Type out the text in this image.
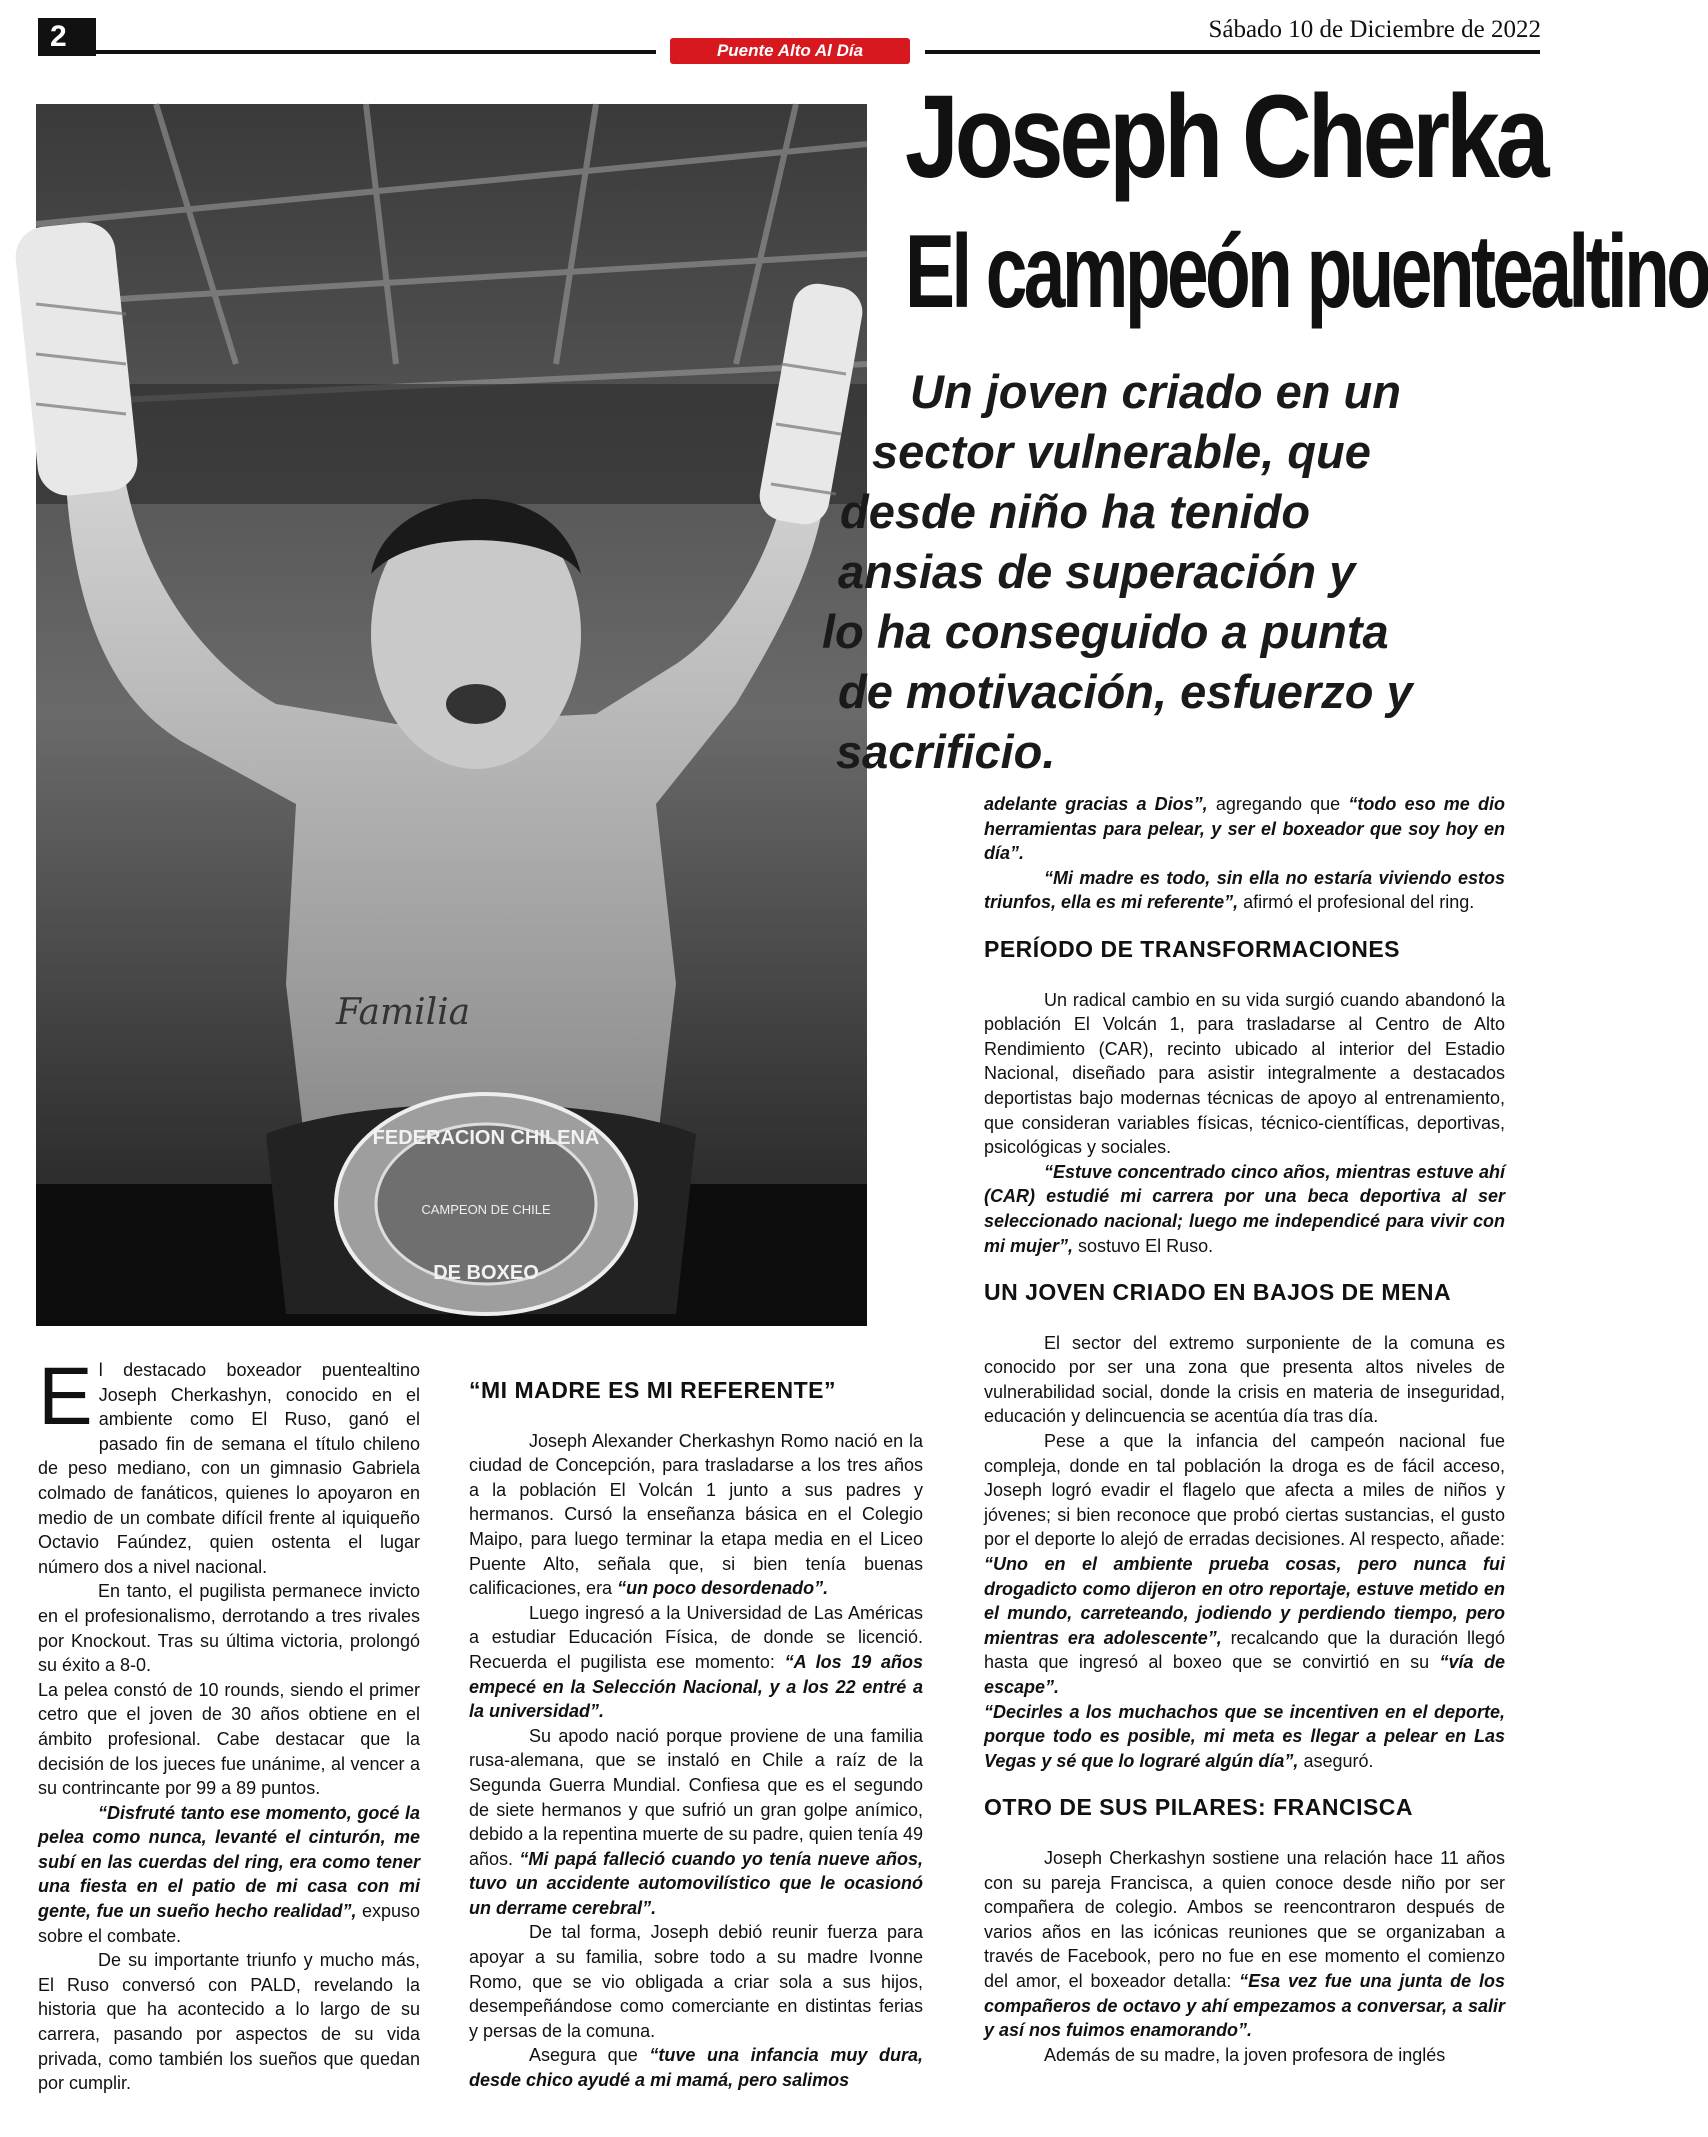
2	Puente Alto Al Día
Sábado 10 de Diciembre de 2022
FEDERACION CHILENA
CAMPEON DE CHILE
DE BOXEO
Familia
Joseph Cherka
El campeón puentealtino
Un joven criado en un
sector vulnerable, que
desde niño ha tenido
ansias de superación y
lo ha conseguido a punta
de motivación, esfuerzo y
sacrificio.

El destacado boxeador puentealtino Joseph Cherkashyn, conocido en el ambiente como El Ruso, ganó el pasado fin de semana el título chileno de peso mediano, con un gimnasio Gabriela colmado de fanáticos, quienes lo apoyaron en medio de un combate difícil frente al iquiqueño Octavio Faúndez, quien ostenta el lugar número dos a nivel nacional.

En tanto, el pugilista permanece invicto en el profesionalismo, derrotando a tres rivales por Knockout. Tras su última victoria, prolongó su éxito a 8-0.

La pelea constó de 10 rounds, siendo el primer cetro que el joven de 30 años obtiene en el ámbito profesional. Cabe destacar que la decisión de los jueces fue unánime, al vencer a su contrincante por 99 a 89 puntos.

“Disfruté tanto ese momento, gocé la pelea como nunca, levanté el cinturón, me subí en las cuerdas del ring, era como tener una fiesta en el patio de mi casa con mi gente, fue un sueño hecho realidad”, expuso sobre el combate.

De su importante triunfo y mucho más, El Ruso conversó con PALD, revelando la historia que ha acontecido a lo largo de su carrera, pasando por aspectos de su vida privada, como también los sueños que quedan por cumplir.

“MI MADRE ES MI REFERENTE”

Joseph Alexander Cherkashyn Romo nació en la ciudad de Concepción, para trasladarse a los tres años a la población El Volcán 1 junto a sus padres y hermanos. Cursó la enseñanza básica en el Colegio Maipo, para luego terminar la etapa media en el Liceo Puente Alto, señala que, si bien tenía buenas calificaciones, era “un poco desordenado”.

Luego ingresó a la Universidad de Las Américas a estudiar Educación Física, de donde se licenció. Recuerda el pugilista ese momento: “A los 19 años empecé en la Selección Nacional, y a los 22 entré a la universidad”.

Su apodo nació porque proviene de una familia rusa-alemana, que se instaló en Chile a raíz de la Segunda Guerra Mundial. Confiesa que es el segundo de siete hermanos y que sufrió un gran golpe anímico, debido a la repentina muerte de su padre, quien tenía 49 años. “Mi papá falleció cuando yo tenía nueve años, tuvo un accidente automovilístico que le ocasionó un derrame cerebral”.

De tal forma, Joseph debió reunir fuerza para apoyar a su familia, sobre todo a su madre Ivonne Romo, que se vio obligada a criar sola a sus hijos, desempeñándose como comerciante en distintas ferias y persas de la comuna.

Asegura que “tuve una infancia muy dura, desde chico ayudé a mi mamá, pero salimos

adelante gracias a Dios”, agregando que “todo eso me dio herramientas para pelear, y ser el boxeador que soy hoy en día”.

“Mi madre es todo, sin ella no estaría viviendo estos triunfos, ella es mi referente”, afirmó el profesional del ring.

PERÍODO DE TRANSFORMACIONES

Un radical cambio en su vida surgió cuando abandonó la población El Volcán 1, para trasladarse al Centro de Alto Rendimiento (CAR), recinto ubicado al interior del Estadio Nacional, diseñado para asistir integralmente a destacados deportistas bajo modernas técnicas de apoyo al entrenamiento, que consideran variables físicas, técnico-científicas, deportivas, psicológicas y sociales.

“Estuve concentrado cinco años, mientras estuve ahí (CAR) estudié mi carrera por una beca deportiva al ser seleccionado nacional; luego me independicé para vivir con mi mujer”, sostuvo El Ruso.

UN JOVEN CRIADO EN BAJOS DE MENA

El sector del extremo surponiente de la comuna es conocido por ser una zona que presenta altos niveles de vulnerabilidad social, donde la crisis en materia de inseguridad, educación y delincuencia se acentúa día tras día.

Pese a que la infancia del campeón nacional fue compleja, donde en tal población la droga es de fácil acceso, Joseph logró evadir el flagelo que afecta a miles de niños y jóvenes; si bien reconoce que probó ciertas sustancias, el gusto por el deporte lo alejó de erradas decisiones. Al respecto, añade: “Uno en el ambiente prueba cosas, pero nunca fui drogadicto como dijeron en otro reportaje, estuve metido en el mundo, carreteando, jodiendo y perdiendo tiempo, pero mientras era adolescente”, recalcando que la duración llegó hasta que ingresó al boxeo que se convirtió en su “vía de escape”.

“Decirles a los muchachos que se incentiven en el deporte, porque todo es posible, mi meta es llegar a pelear en Las Vegas y sé que lo lograré algún día”, aseguró.

OTRO DE SUS PILARES: FRANCISCA

Joseph Cherkashyn sostiene una relación hace 11 años con su pareja Francisca, a quien conoce desde niño por ser compañera de colegio. Ambos se reencontraron después de varios años en las icónicas reuniones que se organizaban a través de Facebook, pero no fue en ese momento el comienzo del amor, el boxeador detalla: “Esa vez fue una junta de los compañeros de octavo y ahí empezamos a conversar, a salir y así nos fuimos enamorando”.

Además de su madre, la joven profesora de inglés
